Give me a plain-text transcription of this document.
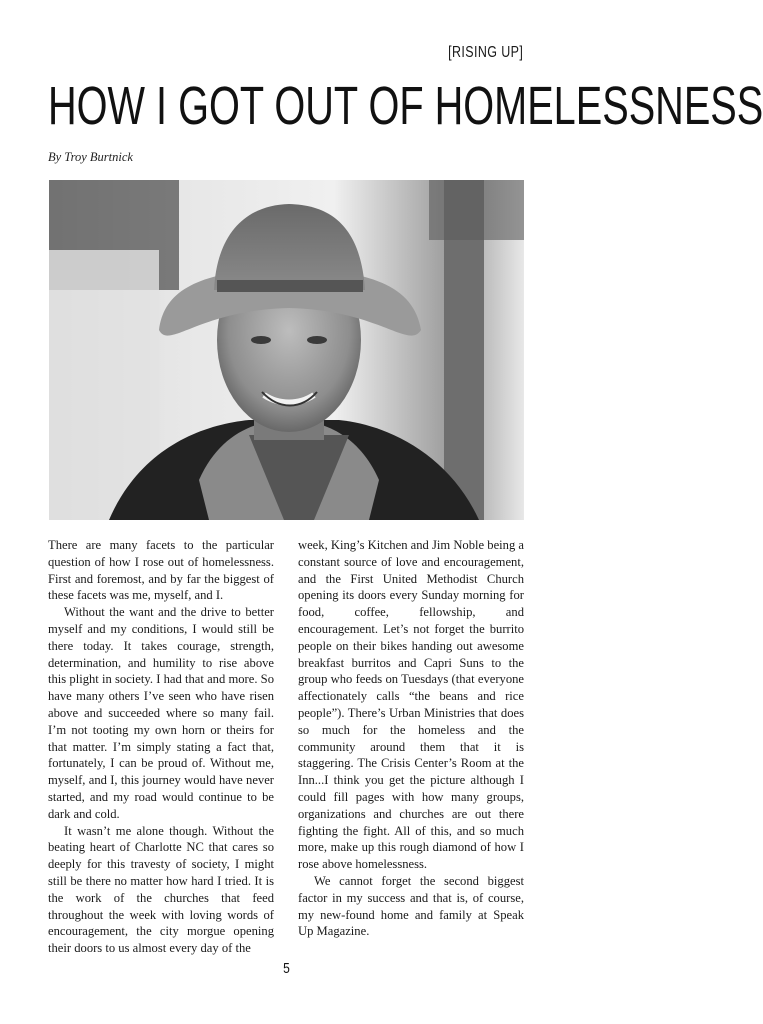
[RISING UP]
HOW I GOT OUT OF HOMELESSNESS
By Troy Burtnick

There are many facets to the particular question of how I rose out of homelessness. First and foremost, and by far the biggest of these facets was me, myself, and I.

Without the want and the drive to better myself and my conditions, I would still be there today. It takes courage, strength, determination, and humility to rise above this plight in society. I had that and more. So have many others I’ve seen who have risen above and succeeded where so many fail. I’m not tooting my own horn or theirs for that matter. I’m simply stating a fact that, fortunately, I can be proud of. Without me, myself, and I, this journey would have never started, and my road would continue to be dark and cold.

It wasn’t me alone though. Without the beating heart of Charlotte NC that cares so deeply for this travesty of society, I might still be there no matter how hard I tried. It is the work of the churches that feed throughout the week with loving words of encouragement, the city morgue opening their doors to us almost every day of the

week, King’s Kitchen and Jim Noble being a constant source of love and encouragement, and the First United Methodist Church opening its doors every Sunday morning for food, coffee, fellowship, and encouragement. Let’s not forget the burrito people on their bikes handing out awesome breakfast burritos and Capri Suns to the group who feeds on Tuesdays (that everyone affectionately calls “the beans and rice people”). There’s Urban Ministries that does so much for the homeless and the community around them that it is staggering. The Crisis Center’s Room at the Inn...I think you get the picture although I could fill pages with how many groups, organizations and churches are out there fighting the fight. All of this, and so much more, make up this rough diamond of how I rose above homelessness.

We cannot forget the second biggest factor in my success and that is, of course, my new-found home and family at Speak Up Magazine.

5
